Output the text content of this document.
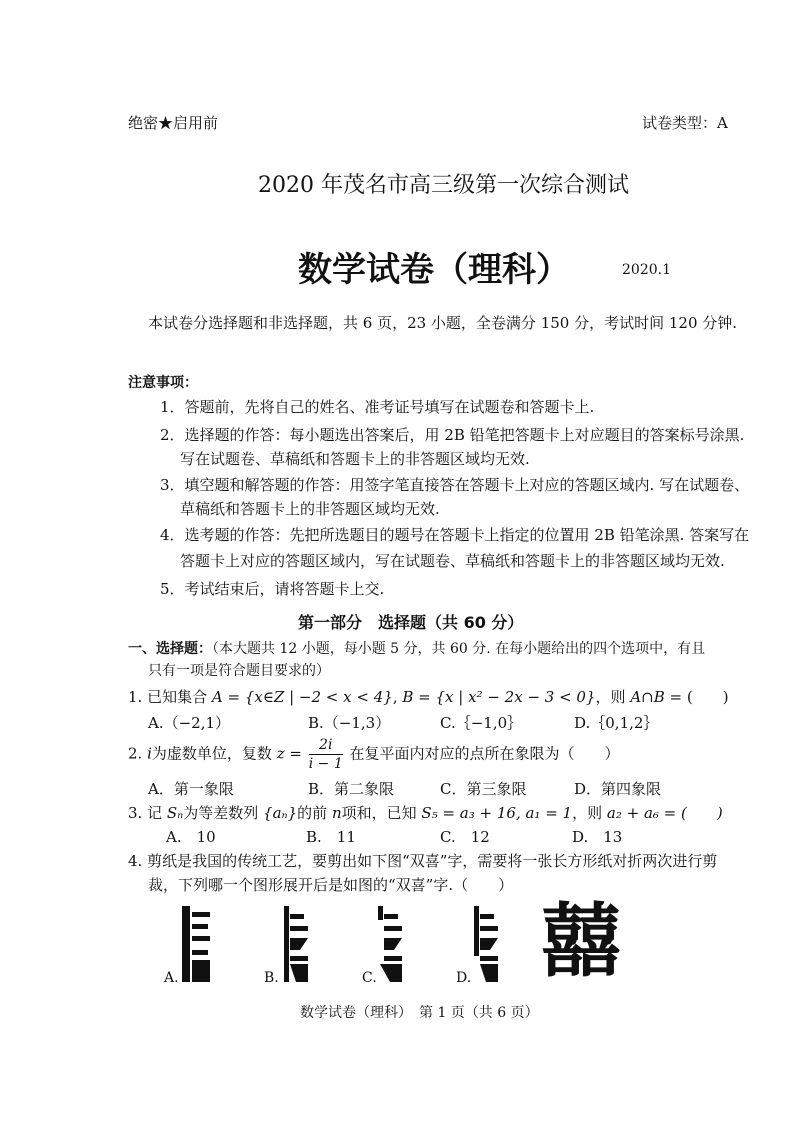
绝密★启用前	试卷类型：A
2020 年茂名市高三级第一次综合测试
数学试卷（理科）	2020.1
本试卷分选择题和非选择题，共 6 页，23 小题，全卷满分 150 分，考试时间 120 分钟.
注意事项：
1．答题前，先将自己的姓名、准考证号填写在试题卷和答题卡上.
2．选择题的作答：每小题选出答案后，用 2B 铅笔把答题卡上对应题目的答案标号涂黑.
写在试题卷、草稿纸和答题卡上的非答题区域均无效.
3．填空题和解答题的作答：用签字笔直接答在答题卡上对应的答题区域内. 写在试题卷、
草稿纸和答题卡上的非答题区域均无效.
4．选考题的作答：先把所选题目的题号在答题卡上指定的位置用 2B 铅笔涂黑. 答案写在
答题卡上对应的答题区域内，写在试题卷、草稿纸和答题卡上的非答题区域均无效.
5．考试结束后，请将答题卡上交.
第一部分　选择题（共 60 分）
一、选择题：（本大题共 12 小题，每小题 5 分，共 60 分. 在每小题给出的四个选项中，有且
只有一项是符合题目要求的）
1. 已知集合 A = {x∈Z | −2 < x < 4}, B = {x | x² − 2x − 3 < 0}，则 A∩B = (　　)
A.（−2,1）	B.（−1,3）	C.｛−1,0｝	D.｛0,1,2｝
2. i为虚数单位，复数 $z = \frac{2i}{i - 1}$ 在复平面内对应的点所在象限为（　　）
A．第一象限	B．第二象限	C．第三象限	D．第四象限
3. 记 Sₙ为等差数列 {aₙ}的前 n项和，已知 S₅ = a₃ + 16, a₁ = 1，则 a₂ + a₆ = (　　)
A.　10	B.　11	C.　12	D.　13
4. 剪纸是我国的传统工艺，要剪出如下图“双喜”字，需要将一张长方形纸对折两次进行剪
裁，下列哪一个图形展开后是如图的“双喜”字.（　　）
A.	B.	C.	D. 囍
数学试卷（理科）　第 1 页（共 6 页）
